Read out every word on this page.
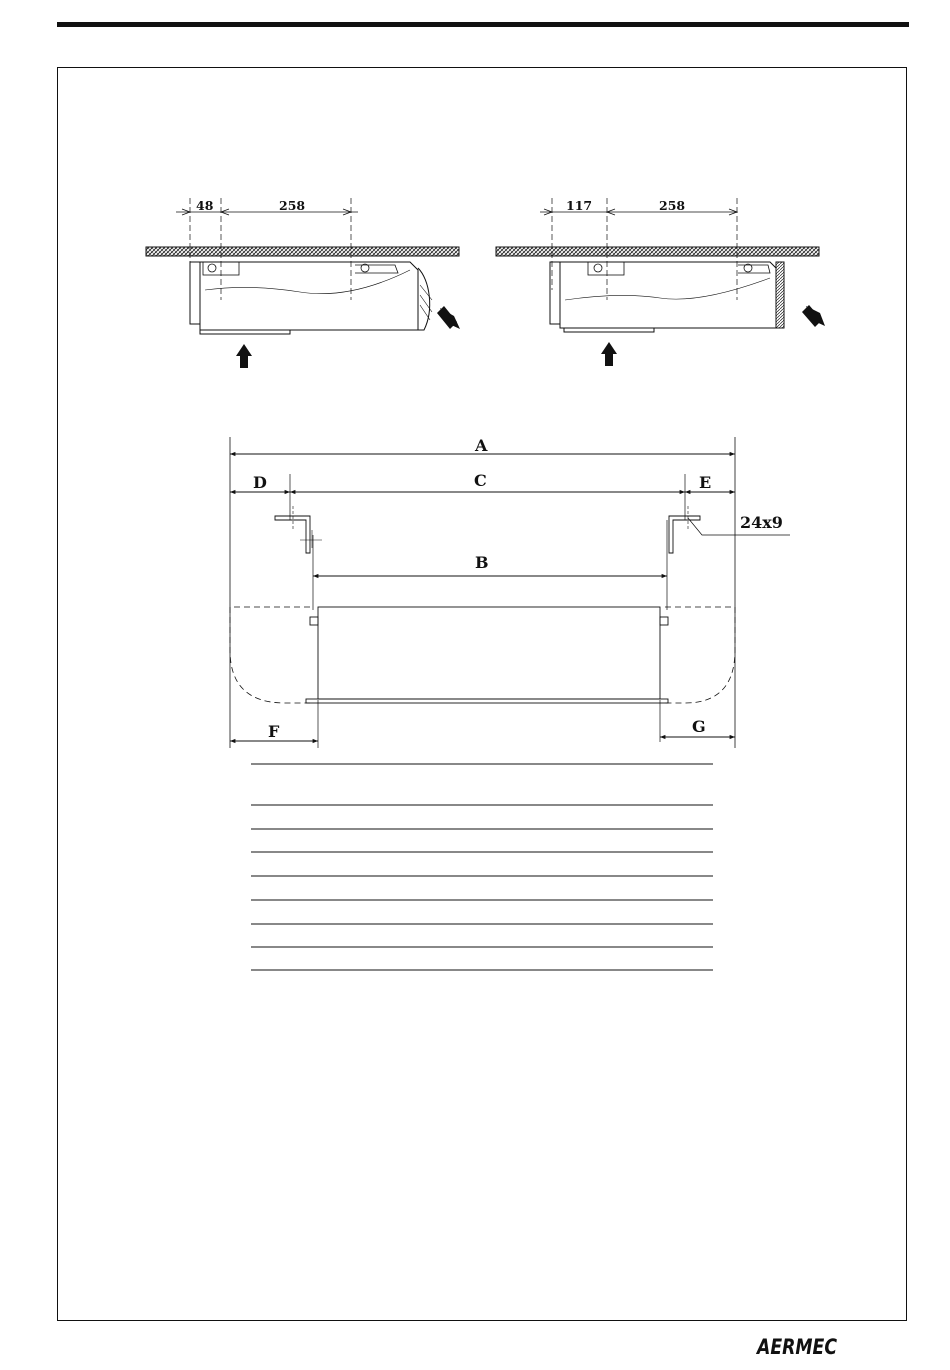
48	258	117	258
A
D	C	E
B
F	G
24x9
AERMEC
